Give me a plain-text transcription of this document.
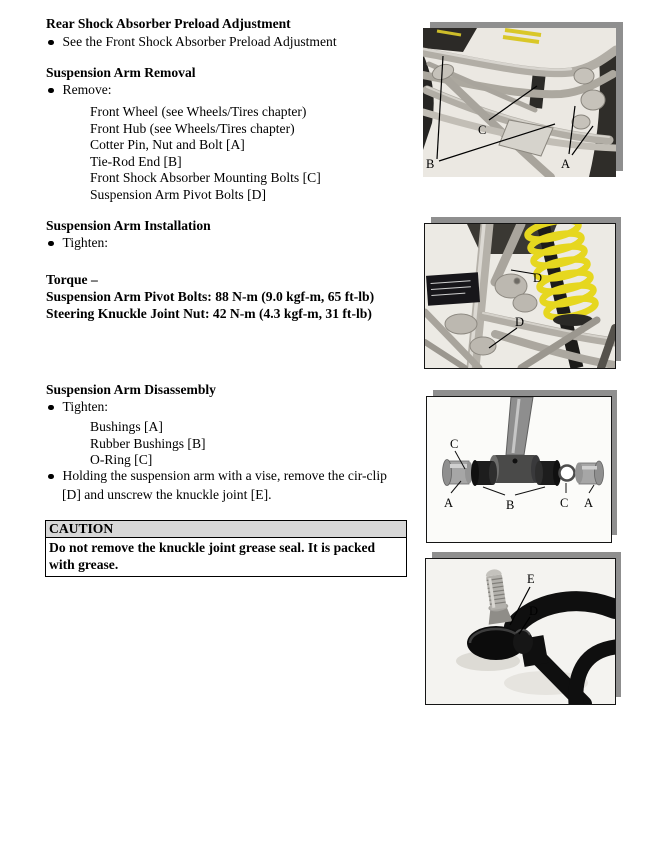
Rear Shock Absorber Preload Adjustment
See the Front Shock Absorber Preload Adjustment
Suspension Arm Removal
Remove:
Front Wheel (see Wheels/Tires chapter)
Front Hub (see Wheels/Tires chapter)
Cotter Pin, Nut and Bolt [A]
Tie-Rod End [B]
Front Shock Absorber Mounting Bolts [C]
Suspension Arm Pivot Bolts [D]
Suspension Arm Installation
Tighten:
Torque –
Suspension Arm Pivot Bolts: 88 N-m (9.0 kgf-m, 65 ft-lb)
Steering Knuckle Joint Nut: 42 N-m (4.3 kgf-m, 31 ft-lb)
Suspension Arm Disassembly
Tighten:
Bushings [A]
Rubber Bushings [B]
O-Ring [C]
Holding the suspension arm with a vise, remove the cir-clip
[D] and unscrew the knuckle joint [E].
CAUTION
Do not remove the knuckle joint grease seal. It is packed with grease.
B
C
A
D
D
C
A	B	C A
E
D
